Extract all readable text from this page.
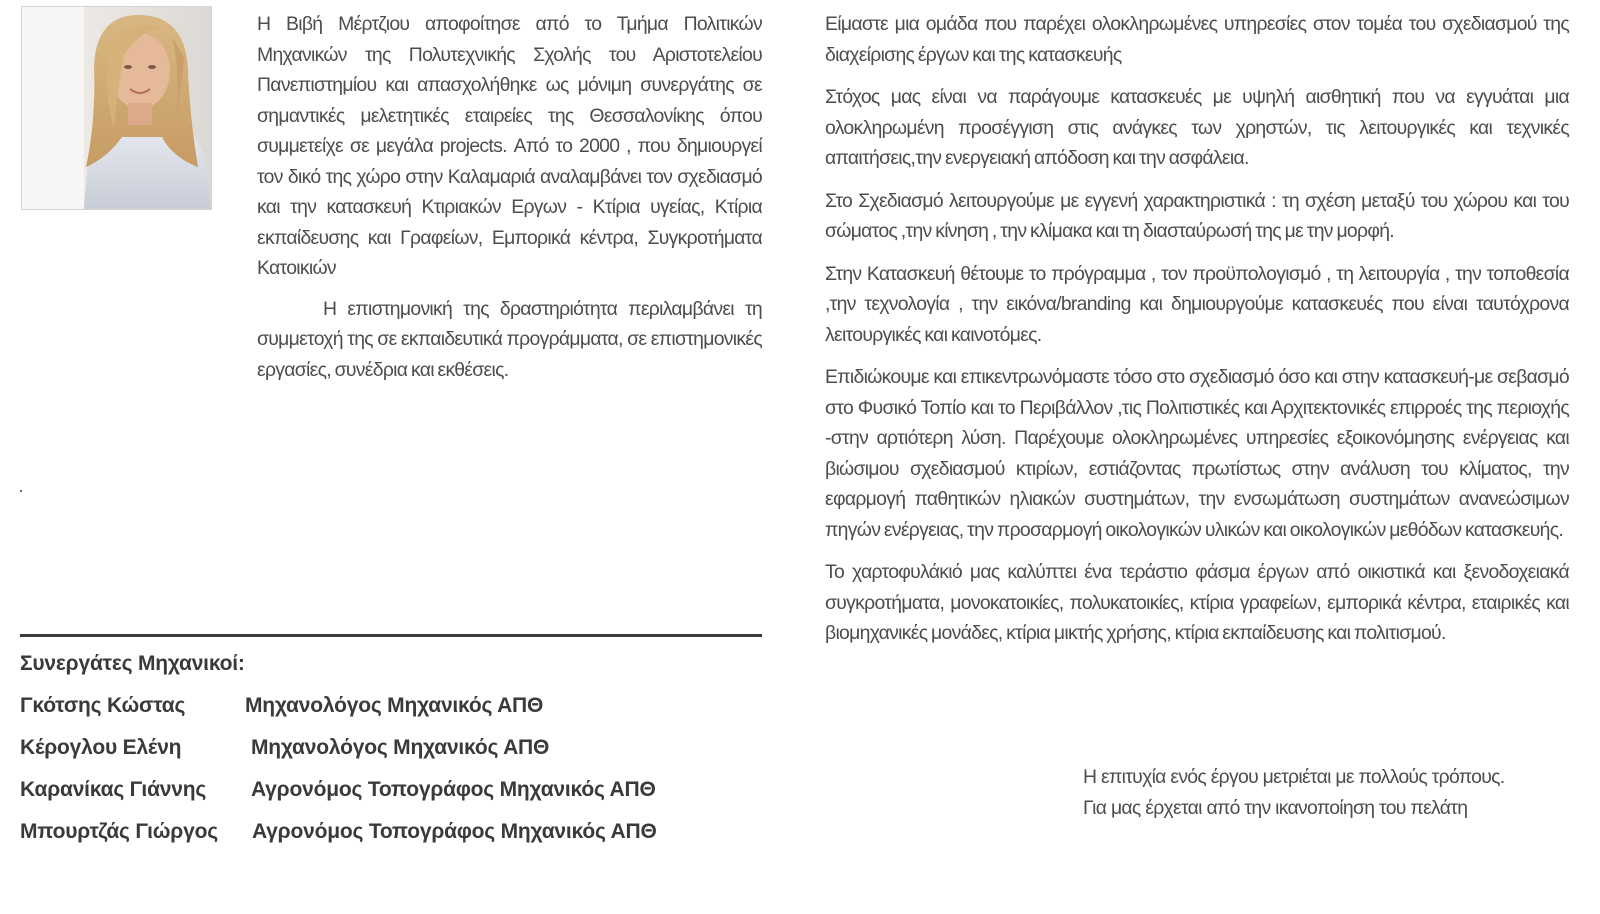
Η Βιβή Μέρτζιου αποφοίτησε από το Τμήμα Πολιτικών Μηχανικών της Πολυτεχνικής Σχολής του Αριστοτελείου Πανεπιστημίου και απασχολήθηκε ως μόνιμη συνεργάτης σε σημαντικές μελετητικές εταιρείες της Θεσσαλονίκης όπου συμμετείχε σε μεγάλα projects. Από το 2000 , που δημιουργεί τον δικό της χώρο στην Καλαμαριά αναλαμβάνει τον σχεδιασμό και την κατασκευή Κτιριακών Εργων - Κτίρια υγείας, Κτίρια εκπαίδευσης και Γραφείων, Εμπορικά κέντρα, Συγκροτήματα Κατοικιών

Η επιστημονική της δραστηριότητα περιλαμβάνει τη συμμετοχή της σε εκπαιδευτικά προγράμματα, σε επιστημονικές εργασίες, συνέδρια και εκθέσεις.

Συνεργάτες Μηχανικοί:
Γκότσης Κώστας	Μηχανολόγος Μηχανικός ΑΠΘ
Κέρογλου Ελένη	Μηχανολόγος Μηχανικός ΑΠΘ
Καρανίκας Γιάννης Αγρονόμος Τοπογράφος Μηχανικός ΑΠΘ
Μπουρτζάς Γιώργος Αγρονόμος Τοπογράφος Μηχανικός ΑΠΘ

Είμαστε μια ομάδα που παρέχει ολοκληρωμένες υπηρεσίες στον τομέα του σχεδιασμού της διαχείρισης έργων και της κατασκευής

Στόχος μας είναι να παράγουμε κατασκευές με υψηλή αισθητική που να εγγυάται μια ολοκληρωμένη προσέγγιση στις ανάγκες των χρηστών, τις λειτουργικές και τεχνικές απαιτήσεις,την ενεργειακή απόδοση και την ασφάλεια.

Στο Σχεδιασμό λειτουργούμε με εγγενή χαρακτηριστικά : τη σχέση μεταξύ του χώρου και του σώματος ,την κίνηση , την κλίμακα και τη διασταύρωσή της με την μορφή.

Στην Κατασκευή θέτουμε το πρόγραμμα , τον προϋπολογισμό , τη λειτουργία , την τοποθεσία ,την τεχνολογία , την εικόνα/branding και δημιουργούμε κατασκευές που είναι ταυτόχρονα λειτουργικές και καινοτόμες.

Επιδιώκουμε και επικεντρωνόμαστε τόσο στο σχεδιασμό όσο και στην κατασκευή-με σεβασμό στο Φυσικό Τοπίο και το Περιβάλλον ,τις Πολιτιστικές και Αρχιτεκτονικές επιρροές της περιοχής -στην αρτιότερη λύση. Παρέχουμε ολοκληρωμένες υπηρεσίες εξοικονόμησης ενέργειας και βιώσιμου σχεδιασμού κτιρίων, εστιάζοντας πρωτίστως στην ανάλυση του κλίματος, την εφαρμογή παθητικών ηλιακών συστημάτων, την ενσωμάτωση συστημάτων ανανεώσιμων πηγών ενέργειας, την προσαρμογή οικολογικών υλικών και οικολογικών μεθόδων κατασκευής.

Το χαρτοφυλάκιό μας καλύπτει ένα τεράστιο φάσμα έργων από οικιστικά και ξενοδοχειακά συγκροτήματα, μονοκατοικίες, πολυκατοικίες, κτίρια γραφείων, εμπορικά κέντρα, εταιρικές και βιομηχανικές μονάδες, κτίρια μικτής χρήσης, κτίρια εκπαίδευσης και πολιτισμού.

Η επιτυχία ενός έργου μετριέται με πολλούς τρόπους.
Για μας έρχεται από την ικανοποίηση του πελάτη
